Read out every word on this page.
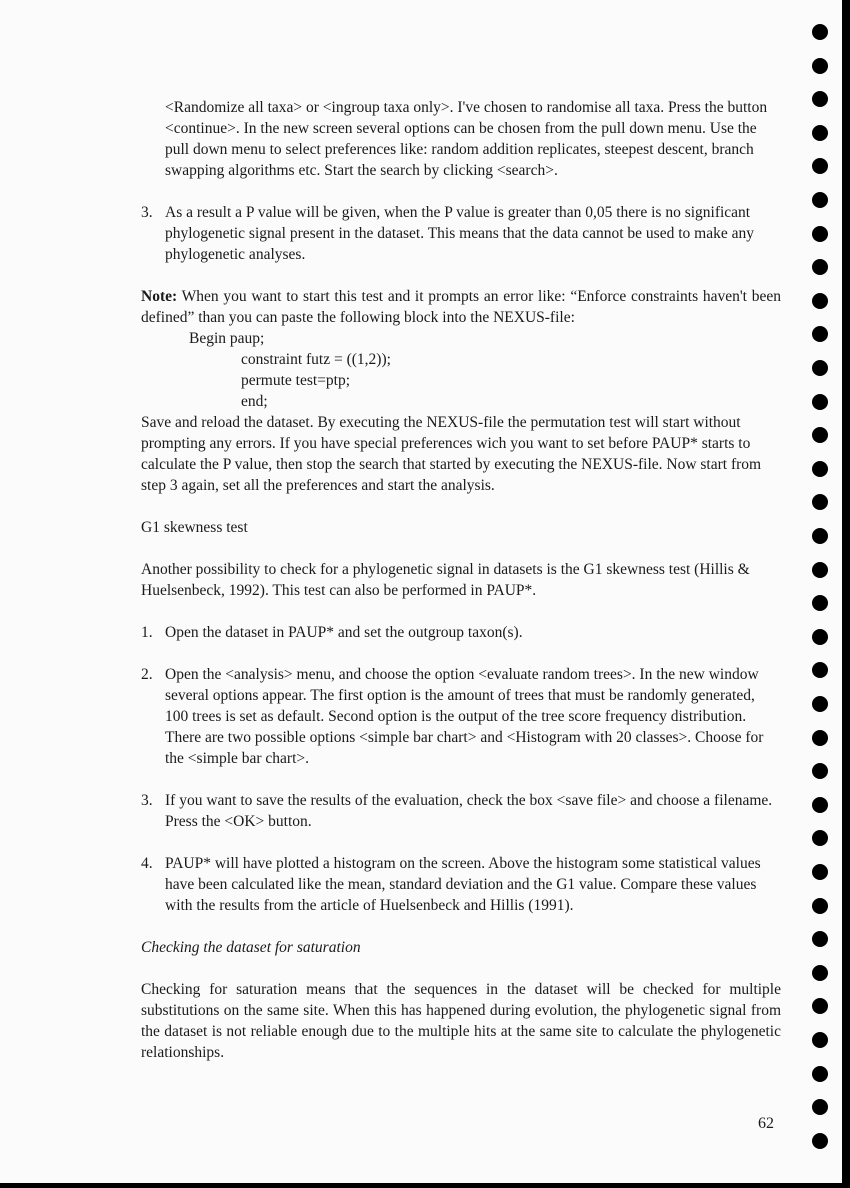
<Randomize all taxa> or <ingroup taxa only>. I've chosen to randomise all taxa. Press the button <continue>. In the new screen several options can be chosen from the pull down menu. Use the pull down menu to select preferences like: random addition replicates, steepest descent, branch swapping algorithms etc. Start the search by clicking <search>.

3. As a result a P value will be given, when the P value is greater than 0,05 there is no significant phylogenetic signal present in the dataset. This means that the data cannot be used to make any phylogenetic analyses.

Note: When you want to start this test and it prompts an error like: “Enforce constraints haven't been defined” than you can paste the following block into the NEXUS-file:

Begin paup;

constraint futz = ((1,2));

permute test=ptp;

end;

Save and reload the dataset. By executing the NEXUS-file the permutation test will start without prompting any errors. If you have special preferences wich you want to set before PAUP* starts to calculate the P value, then stop the search that started by executing the NEXUS-file. Now start from step 3 again, set all the preferences and start the analysis.

G1 skewness test

Another possibility to check for a phylogenetic signal in datasets is the G1 skewness test (Hillis & Huelsenbeck, 1992). This test can also be performed in PAUP*.

1. Open the dataset in PAUP* and set the outgroup taxon(s).

2. Open the <analysis> menu, and choose the option <evaluate random trees>. In the new window several options appear. The first option is the amount of trees that must be randomly generated, 100 trees is set as default. Second option is the output of the tree score frequency distribution. There are two possible options <simple bar chart> and <Histogram with 20 classes>. Choose for the <simple bar chart>.

3. If you want to save the results of the evaluation, check the box <save file> and choose a filename. Press the <OK> button.

4. PAUP* will have plotted a histogram on the screen. Above the histogram some statistical values have been calculated like the mean, standard deviation and the G1 value. Compare these values with the results from the article of Huelsenbeck and Hillis (1991).

Checking the dataset for saturation

Checking for saturation means that the sequences in the dataset will be checked for multiple substitutions on the same site. When this has happened during evolution, the phylogenetic signal from the dataset is not reliable enough due to the multiple hits at the same site to calculate the phylogenetic relationships.

62
